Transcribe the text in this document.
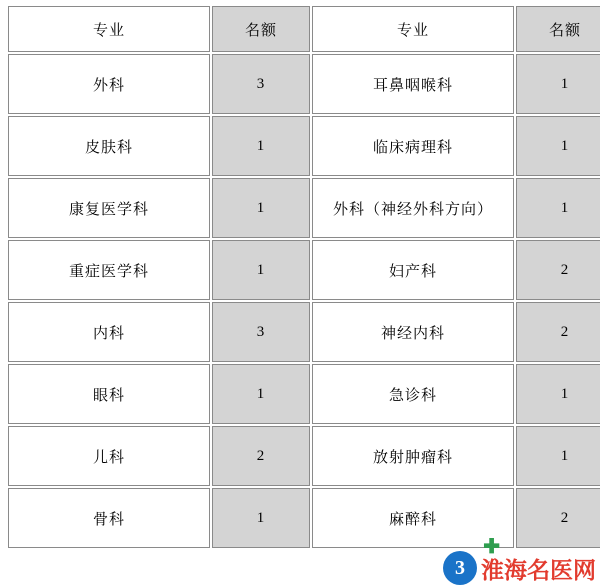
专业	名额	专业	名额
外科	3	耳鼻咽喉科	1
皮肤科	1	临床病理科	1
康复医学科	1	外科（神经外科方向）	1
重症医学科	1	妇产科	2
内科	3	神经内科	2
眼科	1	急诊科	1
儿科	2	放射肿瘤科	1
骨科	1	麻醉科	2
✚
3 淮海名医网
